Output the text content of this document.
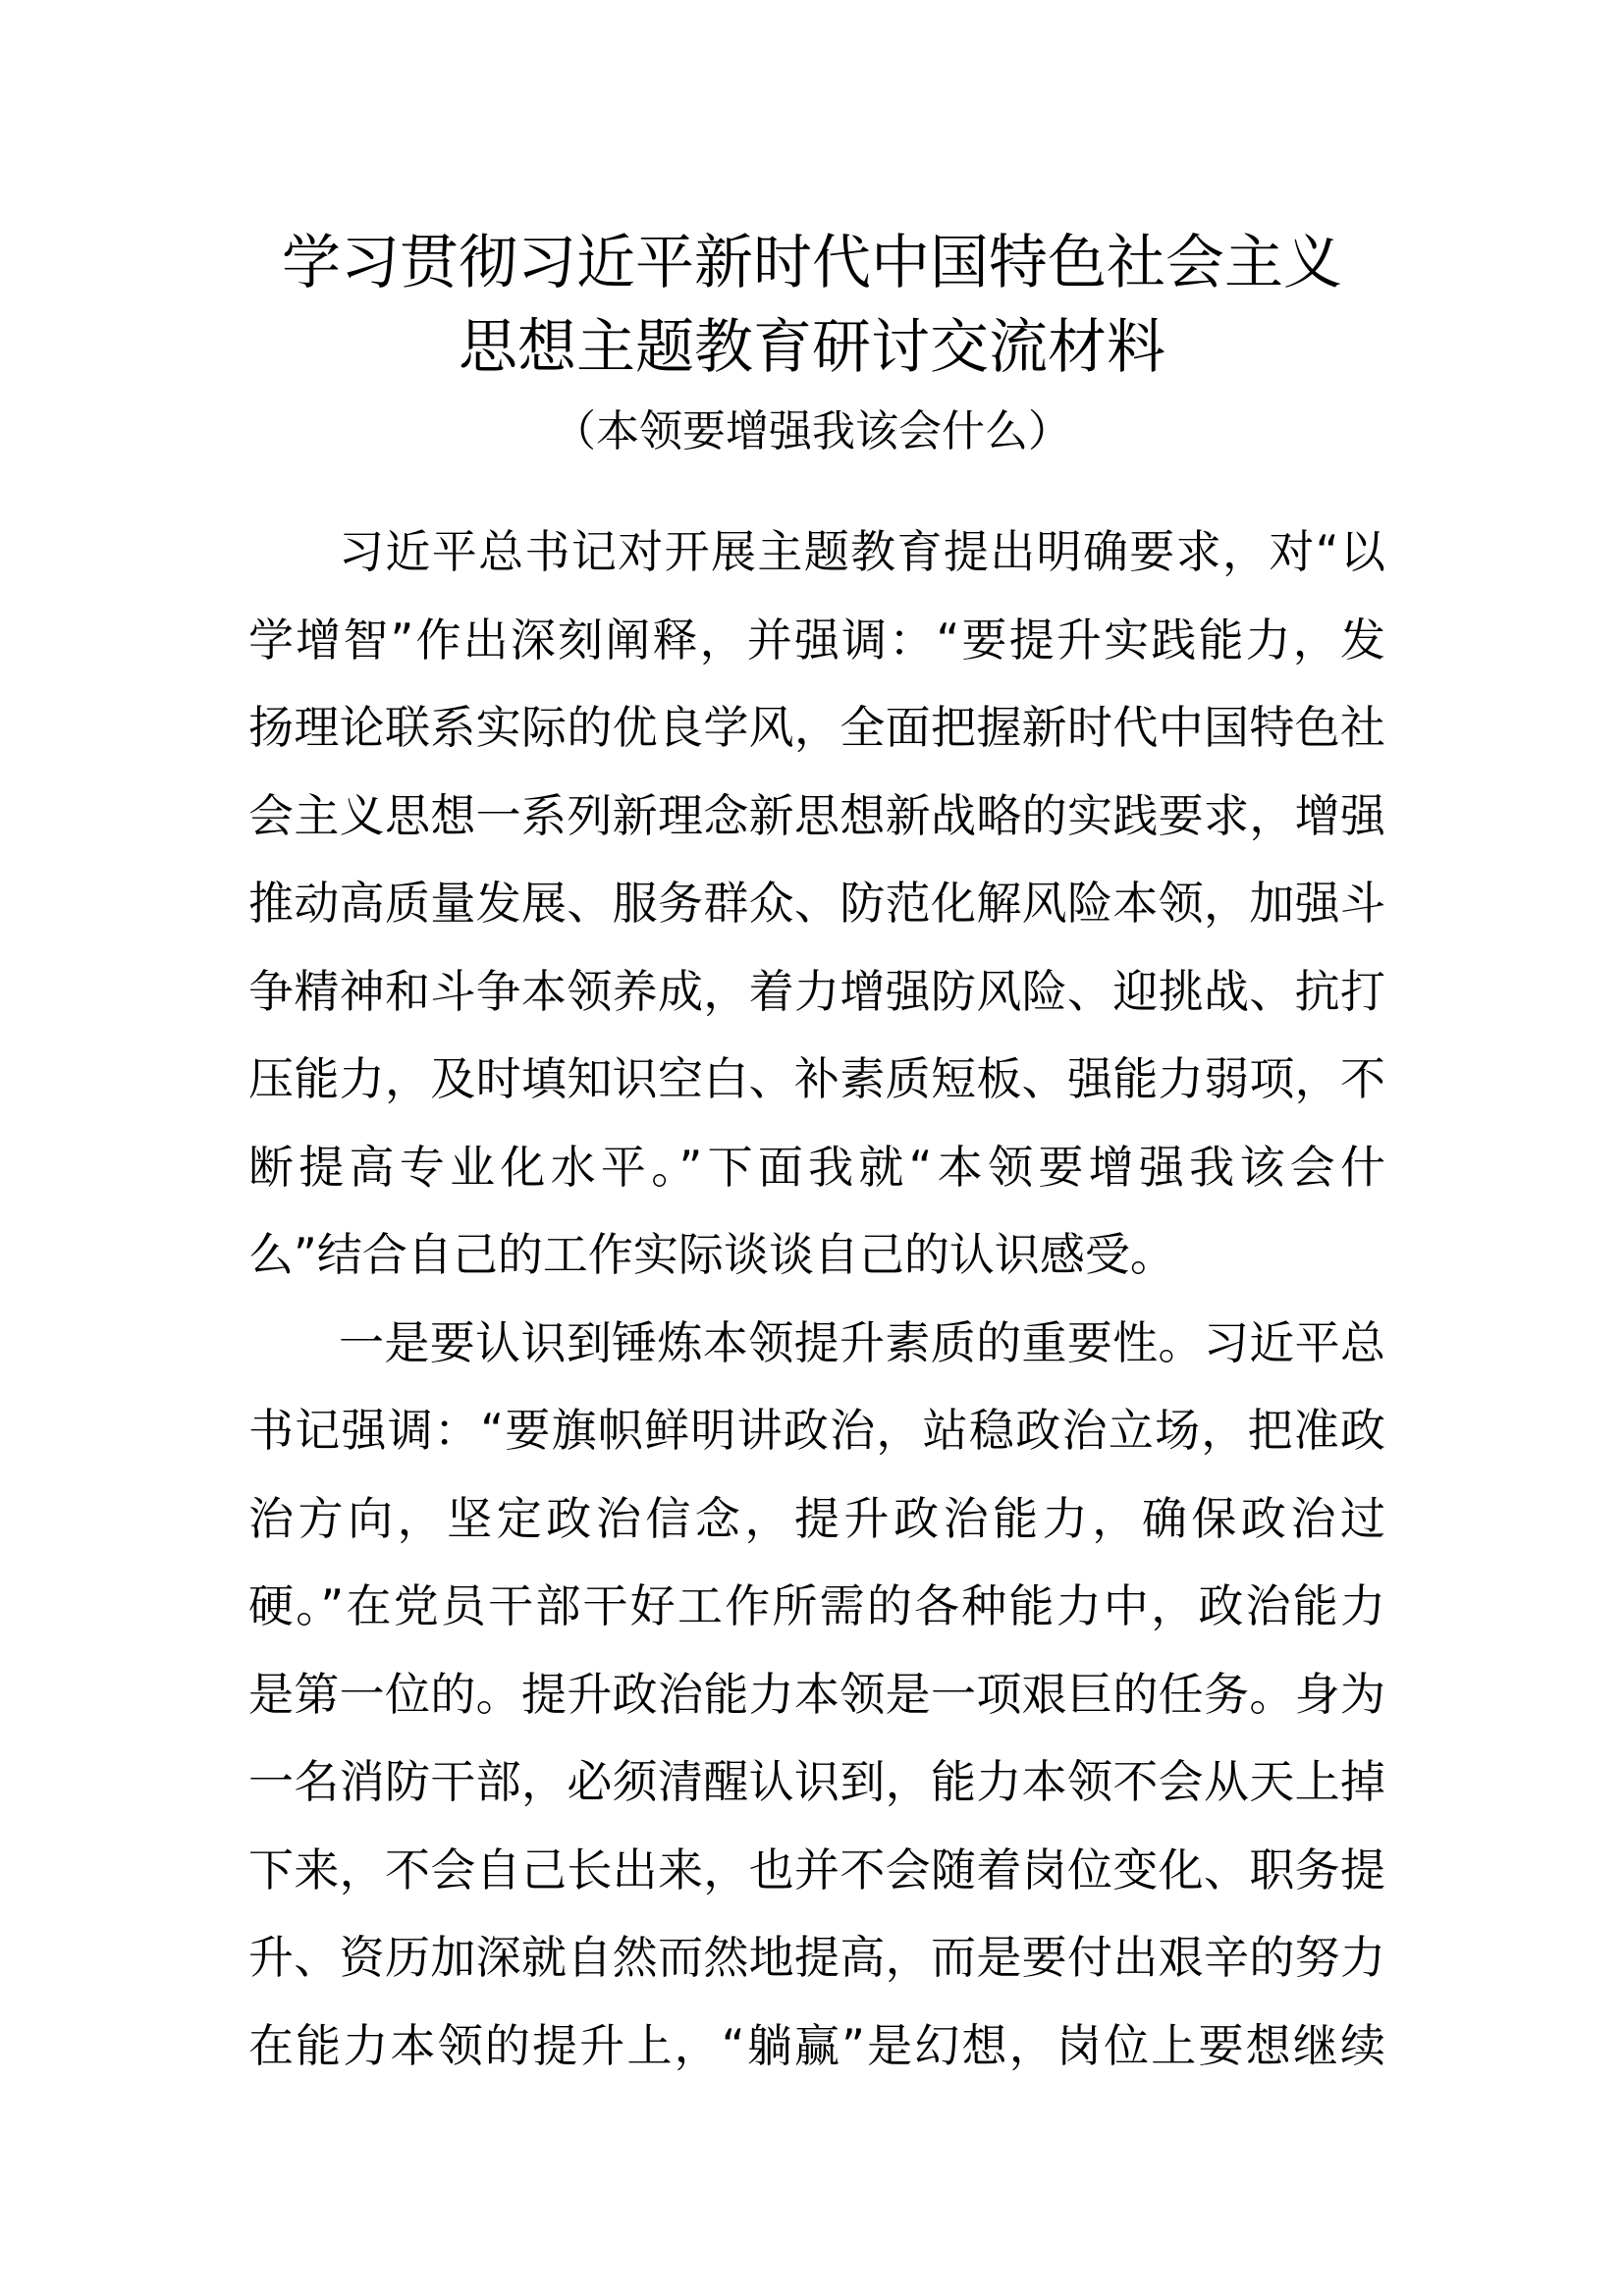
学习贯彻习近平新时代中国特色社会主义
思想主题教育研讨交流材料
（本领要增强我该会什么）
习近平总书记对开展主题教育提出明确要求，对“以
学增智”作出深刻阐释，并强调：“要提升实践能力，发
扬理论联系实际的优良学风，全面把握新时代中国特色社
会主义思想一系列新理念新思想新战略的实践要求，增强
推动高质量发展、服务群众、防范化解风险本领，加强斗
争精神和斗争本领养成，着力增强防风险、迎挑战、抗打
压能力，及时填知识空白、补素质短板、强能力弱项，不
断提高专业化水平。”下面我就“本领要增强我该会什
么”结合自己的工作实际谈谈自己的认识感受。
一是要认识到锤炼本领提升素质的重要性。习近平总
书记强调：“要旗帜鲜明讲政治，站稳政治立场，把准政
治方向，坚定政治信念，提升政治能力，确保政治过
硬。”在党员干部干好工作所需的各种能力中，政治能力
是第一位的。提升政治能力本领是一项艰巨的任务。身为
一名消防干部，必须清醒认识到，能力本领不会从天上掉
下来，不会自己长出来，也并不会随着岗位变化、职务提
升、资历加深就自然而然地提高，而是要付出艰辛的努力
在能力本领的提升上，“躺赢”是幻想，岗位上要想继续
